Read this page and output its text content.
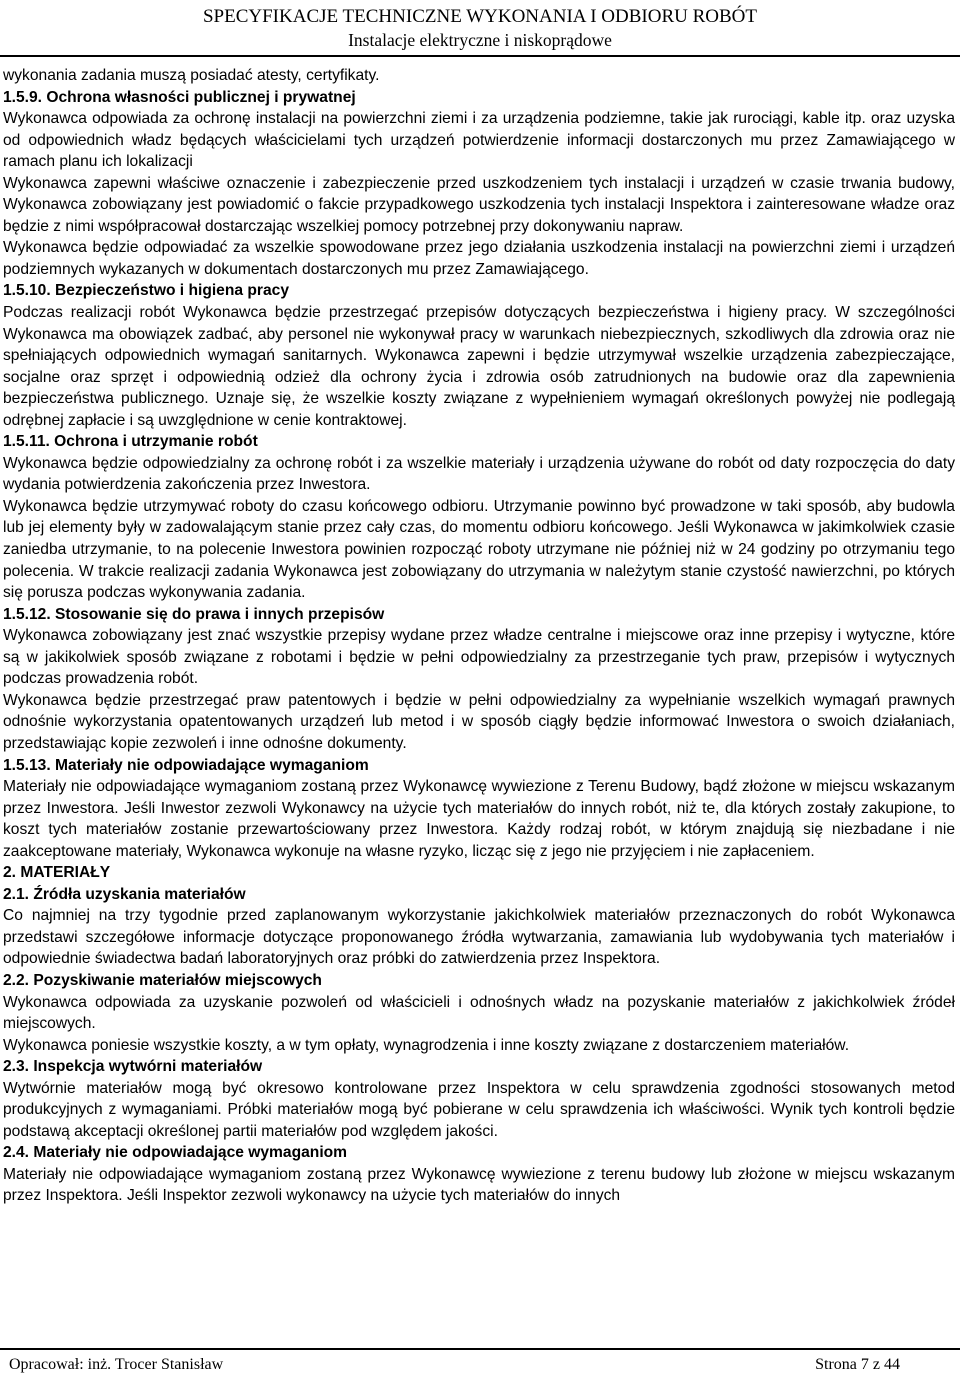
SPECYFIKACJE TECHNICZNE WYKONANIA I ODBIORU ROBÓT
Instalacje elektryczne i niskoprądowe

wykonania zadania muszą posiadać atesty, certyfikaty.

1.5.9. Ochrona własności publicznej i prywatnej

Wykonawca odpowiada za ochronę instalacji na powierzchni ziemi i za urządzenia podziemne, takie jak rurociągi, kable itp. oraz uzyska od odpowiednich władz będących właścicielami tych urządzeń potwierdzenie informacji dostarczonych mu przez Zamawiającego w ramach planu ich lokalizacji

Wykonawca zapewni właściwe oznaczenie i zabezpieczenie przed uszkodzeniem tych instalacji i urządzeń w czasie trwania budowy, Wykonawca zobowiązany jest powiadomić o fakcie przypadkowego uszkodzenia tych instalacji Inspektora i zainteresowane władze oraz będzie z nimi współpracował dostarczając wszelkiej pomocy potrzebnej przy dokonywaniu napraw.

Wykonawca będzie odpowiadać za wszelkie spowodowane przez jego działania uszkodzenia instalacji na powierzchni ziemi i urządzeń podziemnych wykazanych w dokumentach dostarczonych mu przez Zamawiającego.

1.5.10. Bezpieczeństwo i higiena pracy

Podczas realizacji robót Wykonawca będzie przestrzegać przepisów dotyczących bezpieczeństwa i higieny pracy. W szczególności Wykonawca ma obowiązek zadbać, aby personel nie wykonywał pracy w warunkach niebezpiecznych, szkodliwych dla zdrowia oraz nie spełniających odpowiednich wymagań sanitarnych. Wykonawca zapewni i będzie utrzymywał wszelkie urządzenia zabezpieczające, socjalne oraz sprzęt i odpowiednią odzież dla ochrony życia i zdrowia osób zatrudnionych na budowie oraz dla zapewnienia bezpieczeństwa publicznego. Uznaje się, że wszelkie koszty związane z wypełnieniem wymagań określonych powyżej nie podlegają odrębnej zapłacie i są uwzględnione w cenie kontraktowej.

1.5.11. Ochrona i utrzymanie robót

Wykonawca będzie odpowiedzialny za ochronę robót i za wszelkie materiały i urządzenia używane do robót od daty rozpoczęcia do daty wydania potwierdzenia zakończenia przez Inwestora.

Wykonawca będzie utrzymywać roboty do czasu końcowego odbioru. Utrzymanie powinno być prowadzone w taki sposób, aby budowla lub jej elementy były w zadowalającym stanie przez cały czas, do momentu odbioru końcowego. Jeśli Wykonawca w jakimkolwiek czasie zaniedba utrzymanie, to na polecenie Inwestora powinien rozpocząć roboty utrzymane nie później niż w 24 godziny po otrzymaniu tego polecenia. W trakcie realizacji zadania Wykonawca jest zobowiązany do utrzymania w należytym stanie czystość nawierzchni, po których się porusza podczas wykonywania zadania.

1.5.12. Stosowanie się do prawa i innych przepisów

Wykonawca zobowiązany jest znać wszystkie przepisy wydane przez władze centralne i miejscowe oraz inne przepisy i wytyczne, które są w jakikolwiek sposób związane z robotami i będzie w pełni odpowiedzialny za przestrzeganie tych praw, przepisów i wytycznych podczas prowadzenia robót.

Wykonawca będzie przestrzegać praw patentowych i będzie w pełni odpowiedzialny za wypełnianie wszelkich wymagań prawnych odnośnie wykorzystania opatentowanych urządzeń lub metod i w sposób ciągły będzie informować Inwestora o swoich działaniach, przedstawiając kopie zezwoleń i inne odnośne dokumenty.

1.5.13. Materiały nie odpowiadające wymaganiom

Materiały nie odpowiadające wymaganiom zostaną przez Wykonawcę wywiezione z Terenu Budowy, bądź złożone w miejscu wskazanym przez Inwestora. Jeśli Inwestor zezwoli Wykonawcy na użycie tych materiałów do innych robót, niż te, dla których zostały zakupione, to koszt tych materiałów zostanie przewartościowany przez Inwestora. Każdy rodzaj robót, w którym znajdują się niezbadane i nie zaakceptowane materiały, Wykonawca wykonuje na własne ryzyko, licząc się z jego nie przyjęciem i nie zapłaceniem.

2. MATERIAŁY

2.1. Źródła uzyskania materiałów

Co najmniej na trzy tygodnie przed zaplanowanym wykorzystanie jakichkolwiek materiałów przeznaczonych do robót Wykonawca przedstawi szczegółowe informacje dotyczące proponowanego źródła wytwarzania, zamawiania lub wydobywania tych materiałów i odpowiednie świadectwa badań laboratoryjnych oraz próbki do zatwierdzenia przez Inspektora.

2.2. Pozyskiwanie materiałów miejscowych

Wykonawca odpowiada za uzyskanie pozwoleń od właścicieli i odnośnych władz na pozyskanie materiałów z jakichkolwiek źródeł miejscowych.

Wykonawca poniesie wszystkie koszty, a w tym opłaty, wynagrodzenia i inne koszty związane z dostarczeniem materiałów.

2.3. Inspekcja wytwórni materiałów

Wytwórnie materiałów mogą być okresowo kontrolowane przez Inspektora w celu sprawdzenia zgodności stosowanych metod produkcyjnych z wymaganiami. Próbki materiałów mogą być pobierane w celu sprawdzenia ich właściwości. Wynik tych kontroli będzie podstawą akceptacji określonej partii materiałów pod względem jakości.

2.4. Materiały nie odpowiadające wymaganiom

Materiały nie odpowiadające wymaganiom zostaną przez Wykonawcę wywiezione z terenu budowy lub złożone w miejscu wskazanym przez Inspektora. Jeśli Inspektor zezwoli wykonawcy na użycie tych materiałów do innych

Opracował: inż. Trocer Stanisław	Strona 7 z 44
